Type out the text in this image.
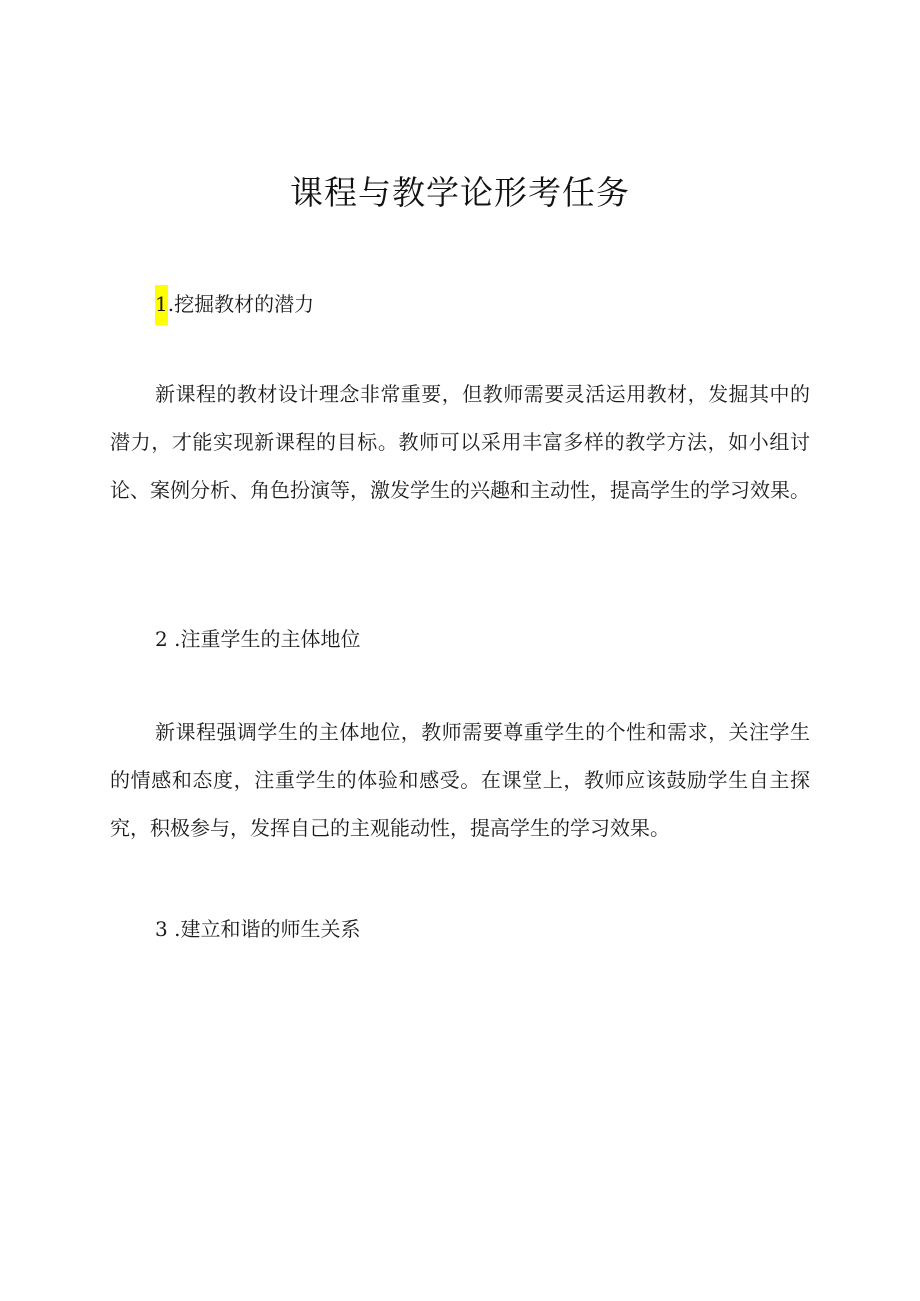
课程与教学论形考任务
1.挖掘教材的潜力

新课程的教材设计理念非常重要，但教师需要灵活运用教材，发掘其中的潜力，才能实现新课程的目标。教师可以采用丰富多样的教学方法，如小组讨论、案例分析、角色扮演等，激发学生的兴趣和主动性，提高学生的学习效果。

2 .注重学生的主体地位

新课程强调学生的主体地位，教师需要尊重学生的个性和需求，关注学生的情感和态度，注重学生的体验和感受。在课堂上，教师应该鼓励学生自主探究，积极参与，发挥自己的主观能动性，提高学生的学习效果。

3 .建立和谐的师生关系
